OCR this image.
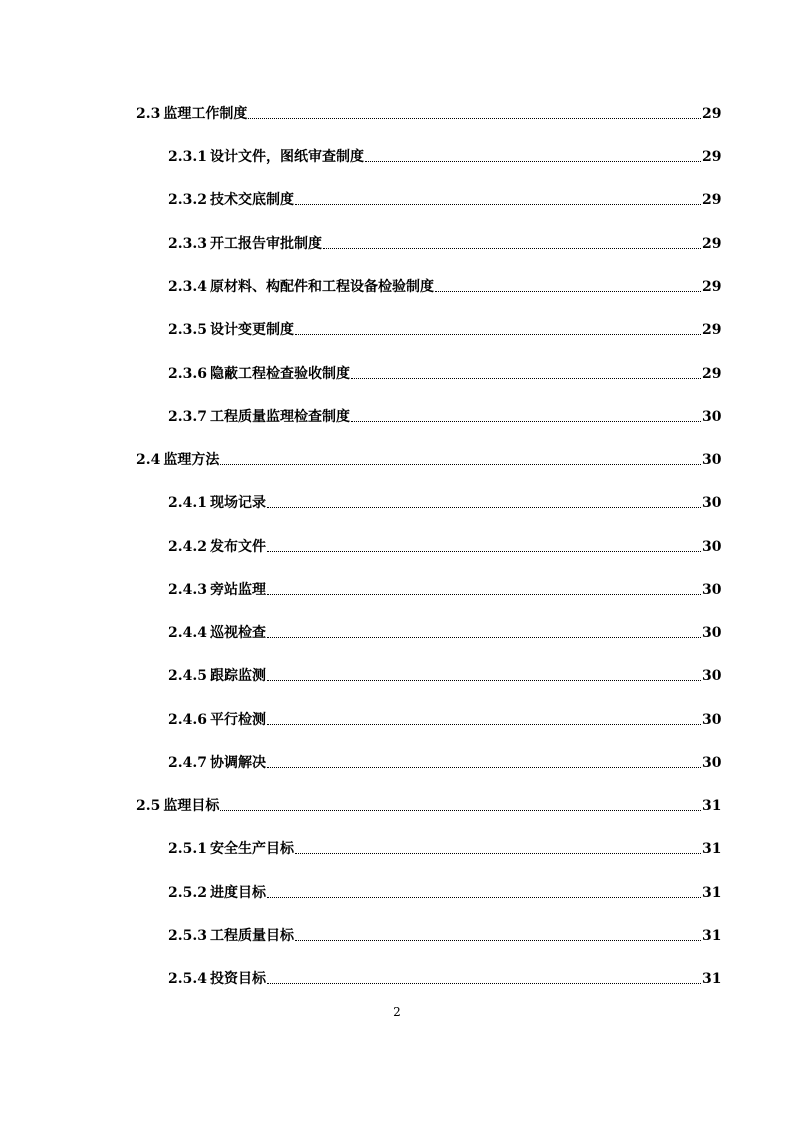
2.3 监理工作制度	29
2.3.1 设计文件，图纸审查制度	29
2.3.2 技术交底制度	29
2.3.3 开工报告审批制度	29
2.3.4 原材料、构配件和工程设备检验制度	29
2.3.5 设计变更制度	29
2.3.6 隐蔽工程检查验收制度	29
2.3.7 工程质量监理检查制度	30
2.4 监理方法	30
2.4.1 现场记录	30
2.4.2 发布文件	30
2.4.3 旁站监理	30
2.4.4 巡视检查	30
2.4.5 跟踪监测	30
2.4.6 平行检测	30
2.4.7 协调解决	30
2.5 监理目标	31
2.5.1 安全生产目标	31
2.5.2 进度目标	31
2.5.3 工程质量目标	31
2.5.4 投资目标	31
2
